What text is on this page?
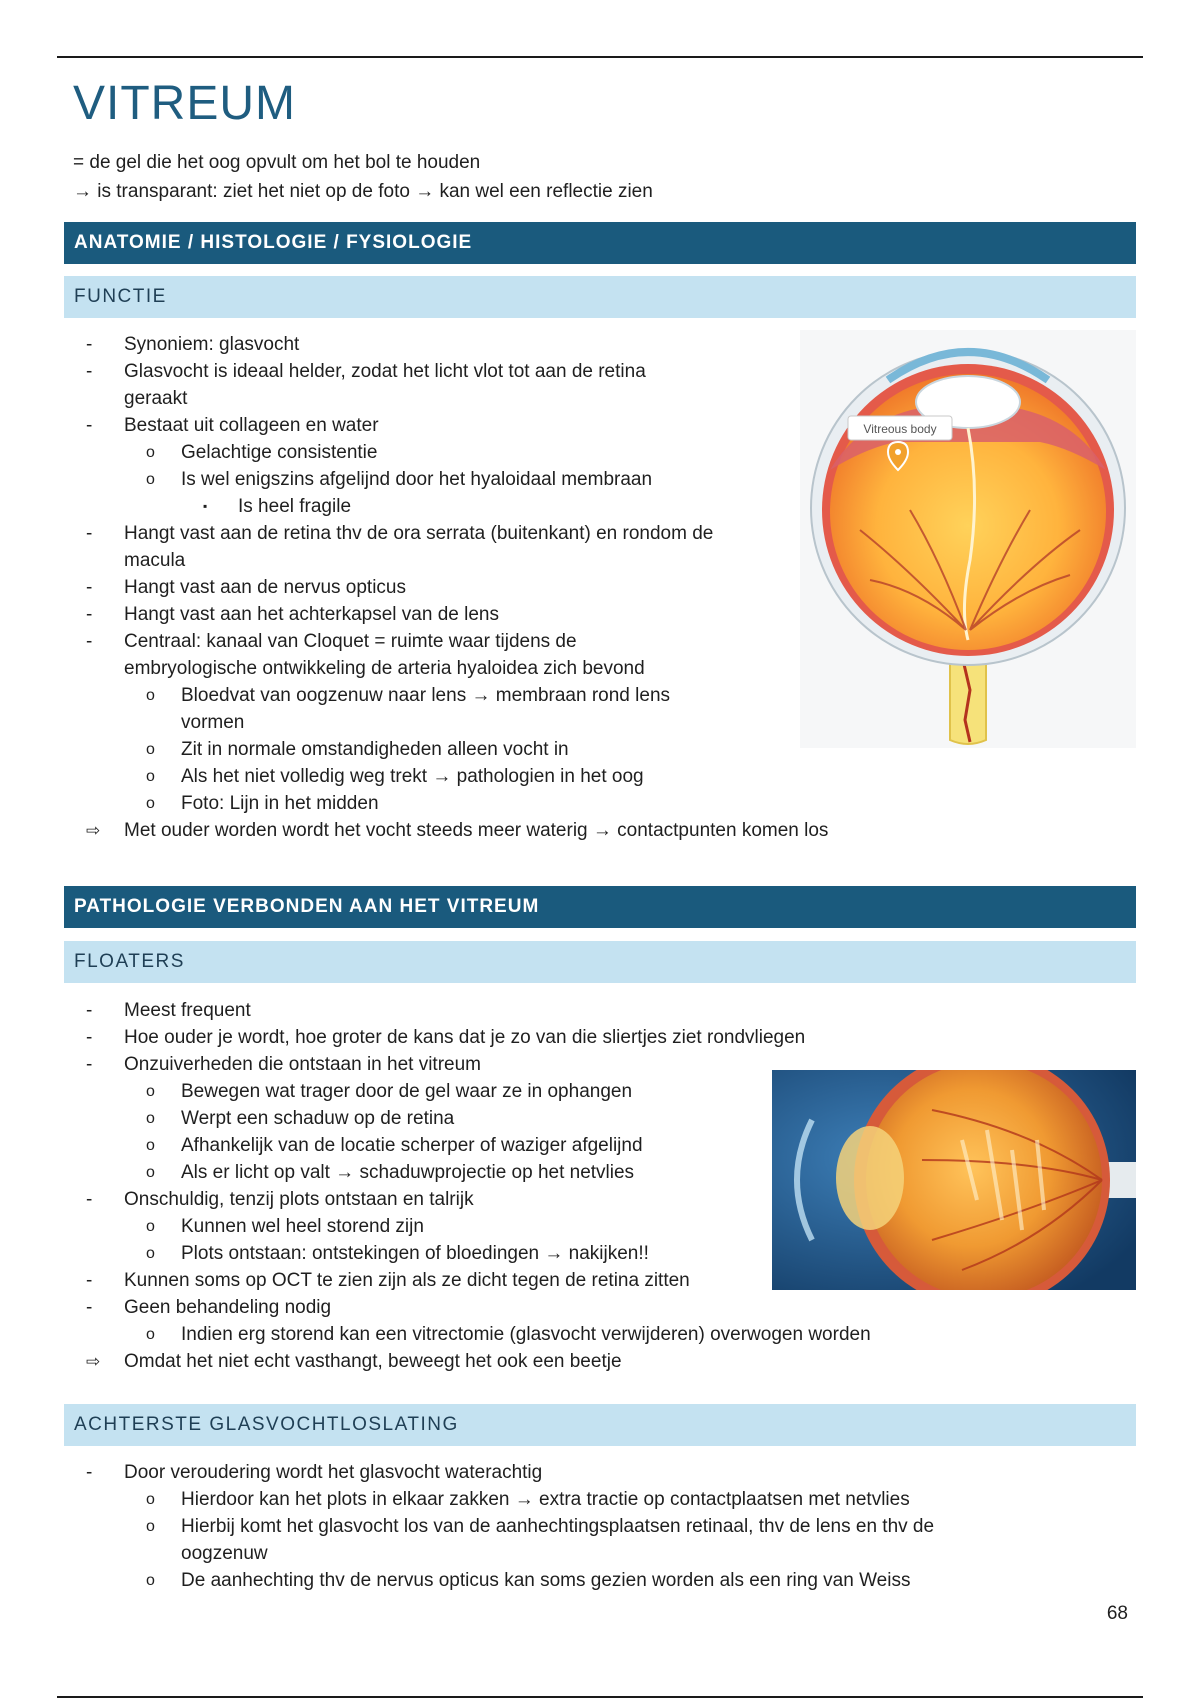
VITREUM
= de gel die het oog opvult om het bol te houden
→ is transparant: ziet het niet op de foto → kan wel een reflectie zien
ANATOMIE / HISTOLOGIE / FYSIOLOGIE
FUNCTIE
-	Synoniem: glasvocht
-	Glasvocht is ideaal helder, zodat het licht vlot tot aan de retina
geraakt
-	Bestaat uit collageen en water
o	Gelachtige consistentie
o	Is wel enigszins afgelijnd door het hyaloidaal membraan
▪	Is heel fragile
-	Hangt vast aan de retina thv de ora serrata (buitenkant) en rondom de
macula
-	Hangt vast aan de nervus opticus
-	Hangt vast aan het achterkapsel van de lens
-	Centraal: kanaal van Cloquet = ruimte waar tijdens de
embryologische ontwikkeling de arteria hyaloidea zich bevond
o	Bloedvat van oogzenuw naar lens → membraan rond lens
vormen
o	Zit in normale omstandigheden alleen vocht in
o	Als het niet volledig weg trekt → pathologien in het oog
o	Foto: Lijn in het midden
⇨	Met ouder worden wordt het vocht steeds meer waterig → contactpunten komen los
Vitreous body
PATHOLOGIE VERBONDEN AAN HET VITREUM
FLOATERS
-	Meest frequent
-	Hoe ouder je wordt, hoe groter de kans dat je zo van die sliertjes ziet rondvliegen
-	Onzuiverheden die ontstaan in het vitreum
o	Bewegen wat trager door de gel waar ze in ophangen
o	Werpt een schaduw op de retina
o	Afhankelijk van de locatie scherper of waziger afgelijnd
o	Als er licht op valt → schaduwprojectie op het netvlies
-	Onschuldig, tenzij plots ontstaan en talrijk
o	Kunnen wel heel storend zijn
o	Plots ontstaan: ontstekingen of bloedingen → nakijken!!
-	Kunnen soms op OCT te zien zijn als ze dicht tegen de retina zitten
-	Geen behandeling nodig
o	Indien erg storend kan een vitrectomie (glasvocht verwijderen) overwogen worden
⇨	Omdat het niet echt vasthangt, beweegt het ook een beetje
ACHTERSTE GLASVOCHTLOSLATING
-	Door veroudering wordt het glasvocht waterachtig
o	Hierdoor kan het plots in elkaar zakken → extra tractie op contactplaatsen met netvlies
o	Hierbij komt het glasvocht los van de aanhechtingsplaatsen retinaal, thv de lens en thv de
oogzenuw
o	De aanhechting thv de nervus opticus kan soms gezien worden als een ring van Weiss
68
